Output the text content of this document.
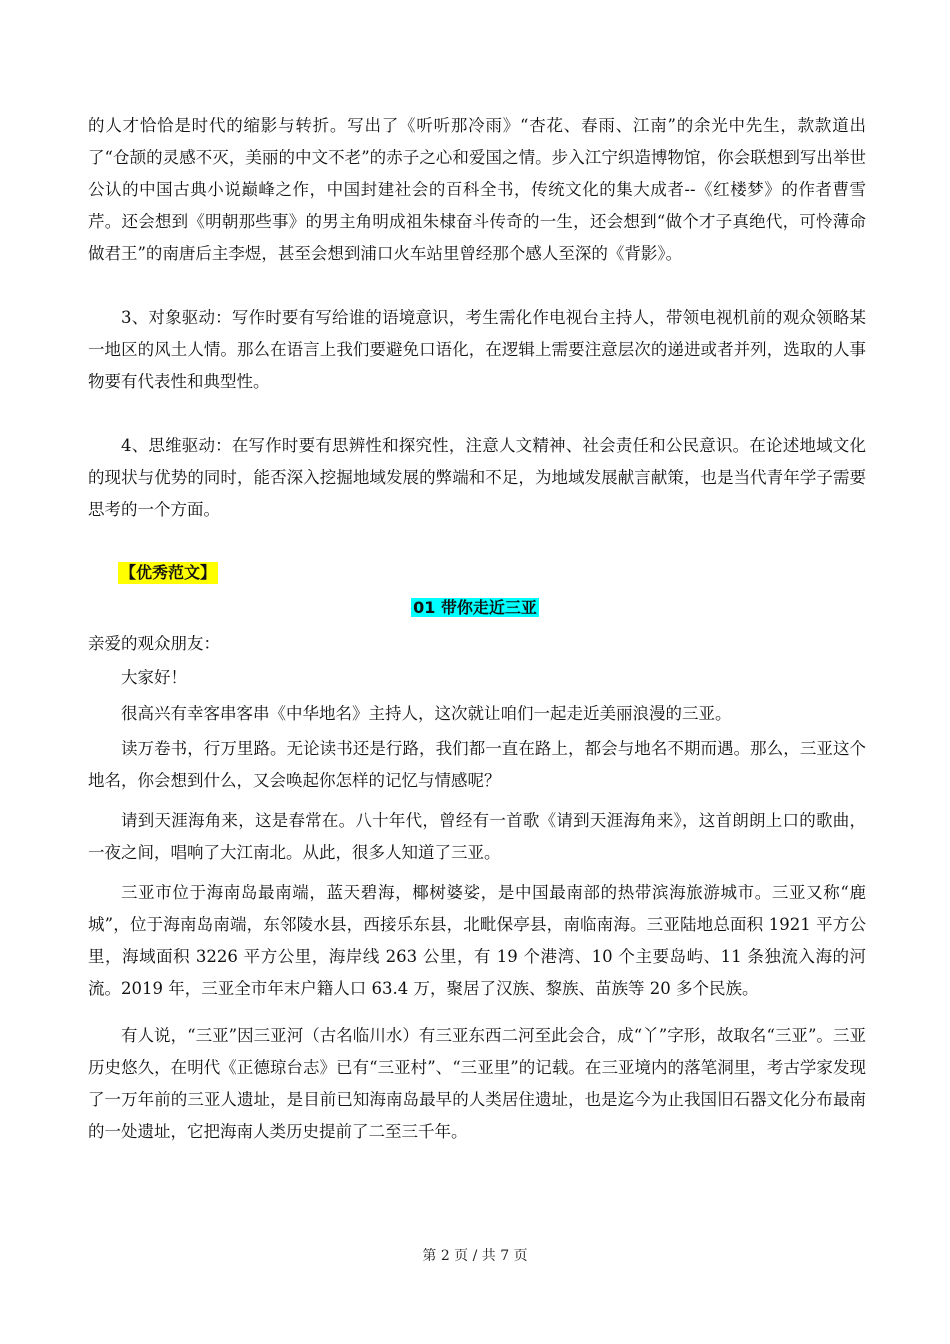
的人才恰恰是时代的缩影与转折。写出了《听听那冷雨》“杏花、春雨、江南”的余光中先生，款款道出了“仓颉的灵感不灭，美丽的中文不老”的赤子之心和爱国之情。步入江宁织造博物馆，你会联想到写出举世公认的中国古典小说巅峰之作，中国封建社会的百科全书，传统文化的集大成者--《红楼梦》的作者曹雪芹。还会想到《明朝那些事》的男主角明成祖朱棣奋斗传奇的一生，还会想到“做个才子真绝代，可怜薄命做君王”的南唐后主李煜，甚至会想到浦口火车站里曾经那个感人至深的《背影》。

3、对象驱动：写作时要有写给谁的语境意识，考生需化作电视台主持人，带领电视机前的观众领略某一地区的风土人情。那么在语言上我们要避免口语化，在逻辑上需要注意层次的递进或者并列，选取的人事物要有代表性和典型性。

4、思维驱动：在写作时要有思辨性和探究性，注意人文精神、社会责任和公民意识。在论述地域文化的现状与优势的同时，能否深入挖掘地域发展的弊端和不足，为地域发展献言献策，也是当代青年学子需要思考的一个方面。

【优秀范文】
01 带你走近三亚

亲爱的观众朋友：

大家好！

很高兴有幸客串客串《中华地名》主持人，这次就让咱们一起走近美丽浪漫的三亚。

读万卷书，行万里路。无论读书还是行路，我们都一直在路上，都会与地名不期而遇。那么，三亚这个地名，你会想到什么，又会唤起你怎样的记忆与情感呢？

请到天涯海角来，这是春常在。八十年代，曾经有一首歌《请到天涯海角来》，这首朗朗上口的歌曲，一夜之间，唱响了大江南北。从此，很多人知道了三亚。

三亚市位于海南岛最南端，蓝天碧海，椰树婆娑，是中国最南部的热带滨海旅游城市。三亚又称“鹿城”，位于海南岛南端，东邻陵水县，西接乐东县，北毗保亭县，南临南海。三亚陆地总面积 1921 平方公里，海域面积 3226 平方公里，海岸线 263 公里，有 19 个港湾、10 个主要岛屿、11 条独流入海的河流。2019 年，三亚全市年末户籍人口 63.4 万，聚居了汉族、黎族、苗族等 20 多个民族。

有人说，“三亚”因三亚河（古名临川水）有三亚东西二河至此会合，成“丫”字形，故取名“三亚”。三亚历史悠久，在明代《正德琼台志》已有“三亚村”、“三亚里”的记载。在三亚境内的落笔洞里，考古学家发现了一万年前的三亚人遗址，是目前已知海南岛最早的人类居住遗址，也是迄今为止我国旧石器文化分布最南的一处遗址，它把海南人类历史提前了二至三千年。

第 2 页 / 共 7 页
